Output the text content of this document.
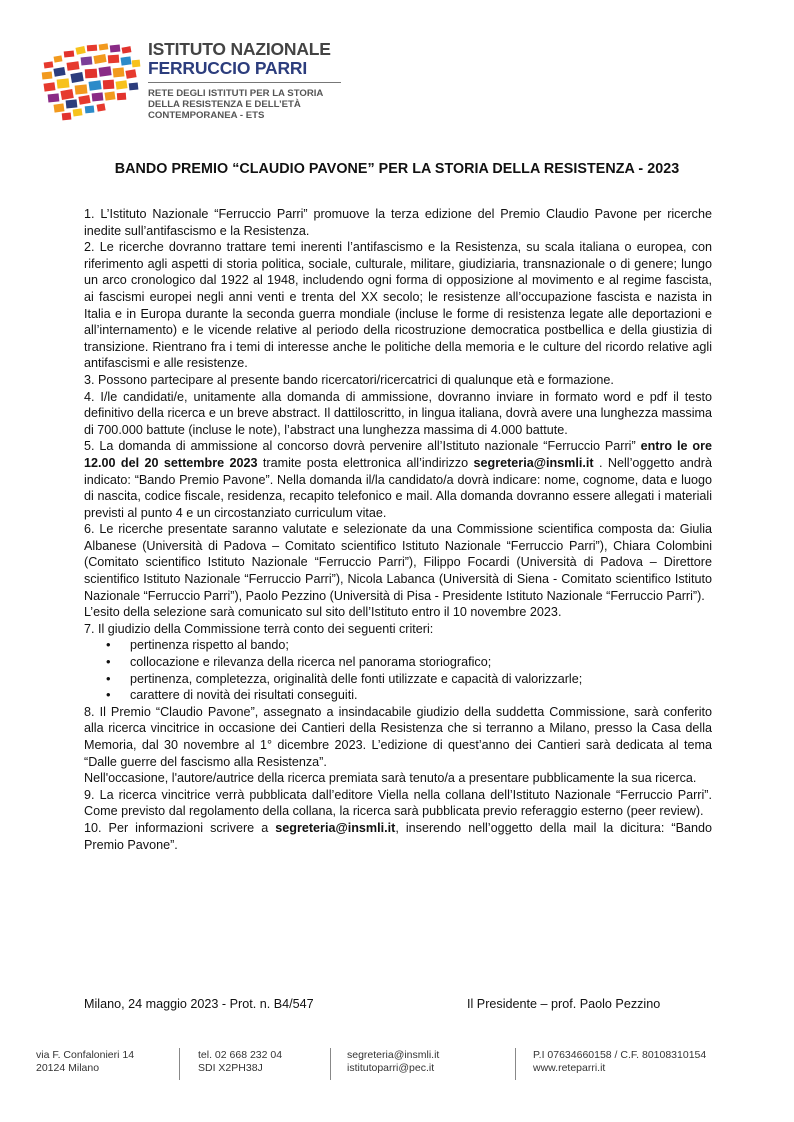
ISTITUTO NAZIONALE
FERRUCCIO PARRI
RETE DEGLI ISTITUTI PER LA STORIA
DELLA RESISTENZA E DELL’ETÀ
CONTEMPORANEA - ETS
BANDO PREMIO “CLAUDIO PAVONE” PER LA STORIA DELLA RESISTENZA - 2023

1. L’Istituto Nazionale “Ferruccio Parri” promuove la terza edizione del Premio Claudio Pavone per ricerche inedite sull’antifascismo e la Resistenza.

2. Le ricerche dovranno trattare temi inerenti l’antifascismo e la Resistenza, su scala italiana o europea, con riferimento agli aspetti di storia politica, sociale, culturale, militare, giudiziaria, transnazionale o di genere; lungo un arco cronologico dal 1922 al 1948, includendo ogni forma di opposizione al movimento e al regime fascista, ai fascismi europei negli anni venti e trenta del XX secolo; le resistenze all’occupazione fascista e nazista in Italia e in Europa durante la seconda guerra mondiale (incluse le forme di resistenza legate alle deportazioni e all’internamento) e le vicende relative al periodo della ricostruzione democratica postbellica e della giustizia di transizione. Rientrano fra i temi di interesse anche le politiche della memoria e le culture del ricordo relative agli antifascismi e alle resistenze.

3. Possono partecipare al presente bando ricercatori/ricercatrici di qualunque età e formazione.

4. I/le candidati/e, unitamente alla domanda di ammissione, dovranno inviare in formato word e pdf il testo definitivo della ricerca e un breve abstract. Il dattiloscritto, in lingua italiana, dovrà avere una lunghezza massima di 700.000 battute (incluse le note), l’abstract una lunghezza massima di 4.000 battute.

5. La domanda di ammissione al concorso dovrà pervenire all’Istituto nazionale “Ferruccio Parri” entro le ore 12.00 del 20 settembre 2023 tramite posta elettronica all’indirizzo segreteria@insmli.it . Nell’oggetto andrà indicato: “Bando Premio Pavone”. Nella domanda il/la candidato/a dovrà indicare: nome, cognome, data e luogo di nascita, codice fiscale, residenza, recapito telefonico e mail. Alla domanda dovranno essere allegati i materiali previsti al punto 4 e un circostanziato curriculum vitae.

6. Le ricerche presentate saranno valutate e selezionate da una Commissione scientifica composta da: Giulia Albanese (Università di Padova – Comitato scientifico Istituto Nazionale “Ferruccio Parri”), Chiara Colombini (Comitato scientifico Istituto Nazionale “Ferruccio Parri”), Filippo Focardi (Università di Padova – Direttore scientifico Istituto Nazionale “Ferruccio Parri”), Nicola Labanca (Università di Siena - Comitato scientifico Istituto Nazionale “Ferruccio Parri”), Paolo Pezzino (Università di Pisa - Presidente Istituto Nazionale “Ferruccio Parri”).

L’esito della selezione sarà comunicato sul sito dell’Istituto entro il 10 novembre 2023.

7. Il giudizio della Commissione terrà conto dei seguenti criteri:

• pertinenza rispetto al bando;
• collocazione e rilevanza della ricerca nel panorama storiografico;
• pertinenza, completezza, originalità delle fonti utilizzate e capacità di valorizzarle;
• carattere di novità dei risultati conseguiti.

8. Il Premio “Claudio Pavone”, assegnato a insindacabile giudizio della suddetta Commissione, sarà conferito alla ricerca vincitrice in occasione dei Cantieri della Resistenza che si terranno a Milano, presso la Casa della Memoria, dal 30 novembre al 1° dicembre 2023. L’edizione di quest’anno dei Cantieri sarà dedicata al tema “Dalle guerre del fascismo alla Resistenza”.

Nell'occasione, l'autore/autrice della ricerca premiata sarà tenuto/a a presentare pubblicamente la sua ricerca.

9. La ricerca vincitrice verrà pubblicata dall’editore Viella nella collana dell’Istituto Nazionale “Ferruccio Parri”. Come previsto dal regolamento della collana, la ricerca sarà pubblicata previo referaggio esterno (peer review).

10. Per informazioni scrivere a segreteria@insmli.it, inserendo nell’oggetto della mail la dicitura: “Bando Premio Pavone”.

Milano, 24 maggio 2023 - Prot. n. B4/547	Il Presidente – prof. Paolo Pezzino
via F. Confalonieri 14
20124 Milano
tel. 02 668 232 04
SDI X2PH38J
segreteria@insmli.it
istitutoparri@pec.it
P.I 07634660158 / C.F. 80108310154
www.reteparri.it
